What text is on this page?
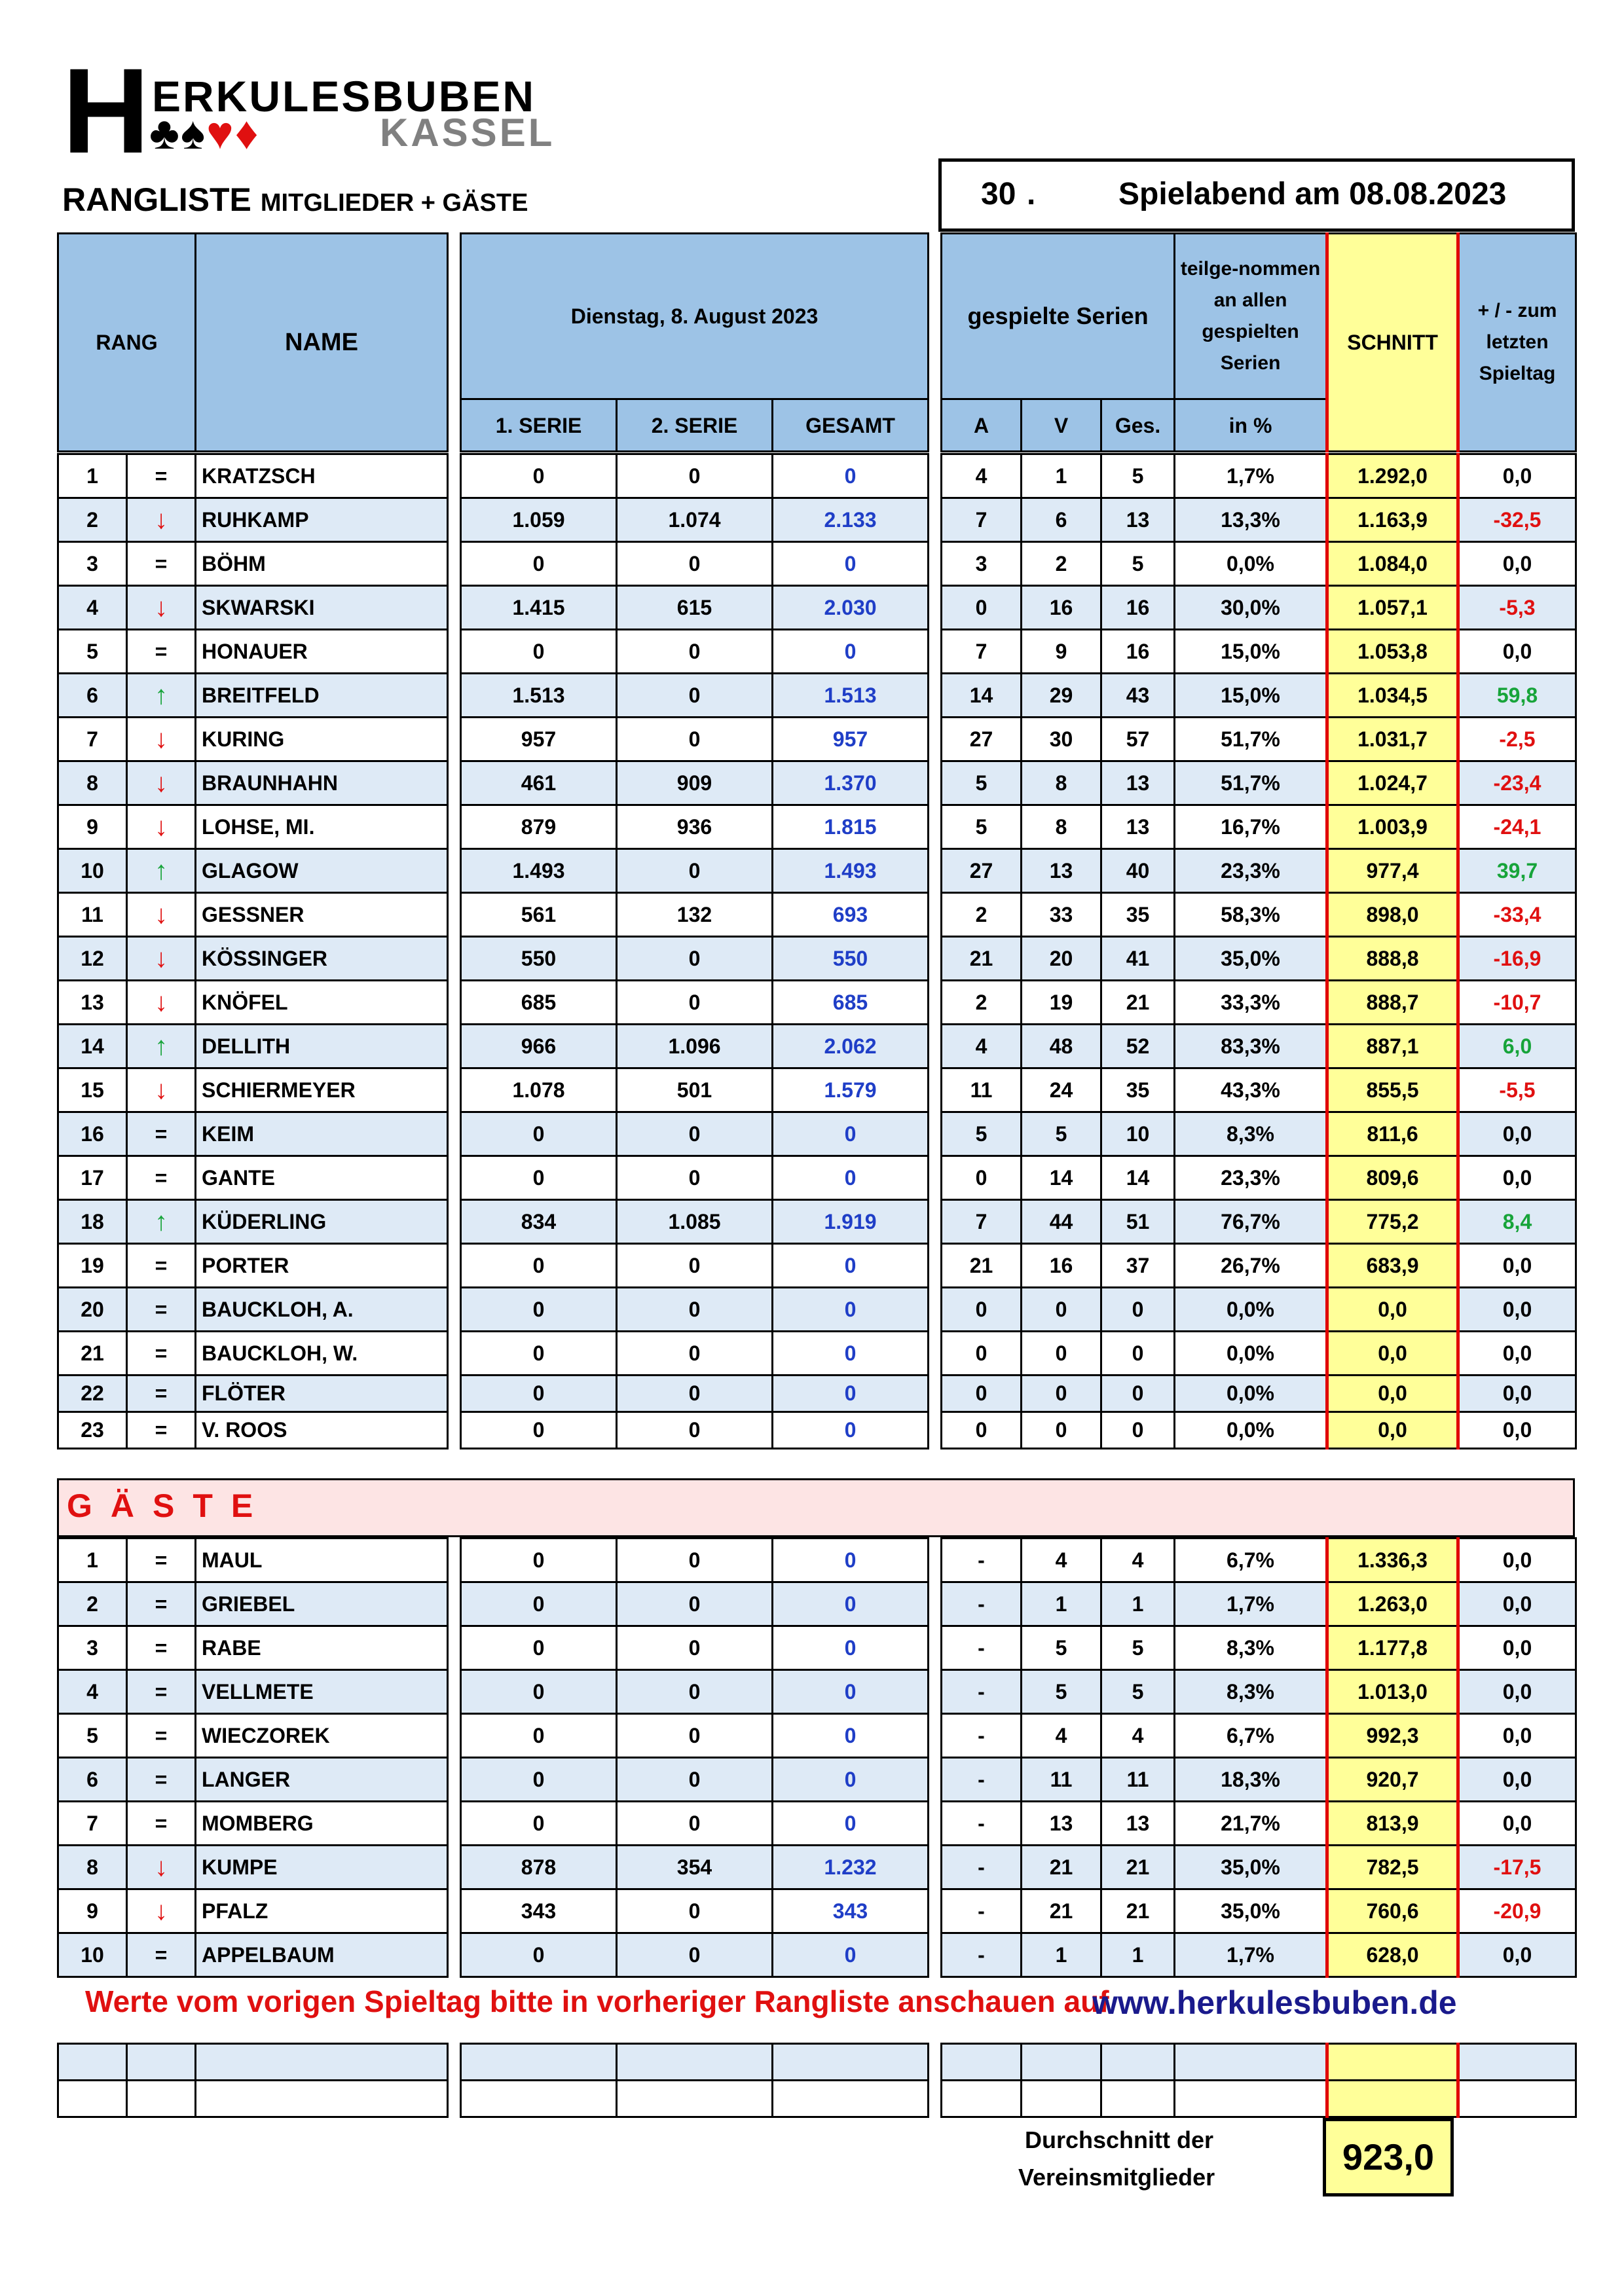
H ERKULESBUBEN
♣♠♥♦	KASSEL
RANGLISTE MITGLIEDER + GÄSTE	30 .	Spielabend am 08.08.2023
RANG	NAME		Dienstag, 8. August 2023				gespielte Serien			teilge-nommen an allen gespielten Serien	SCHNITT	+ / - zum letzten Spieltag
			1. SERIE	2. SERIE	GESAMT		A	V	Ges.	in %		
1	=	KRATZSCH		0	0	0		4	1	5	1,7%	1.292,0	0,0
2	↓	RUHKAMP		1.059	1.074	2.133		7	6	13	13,3%	1.163,9	-32,5
3	=	BÖHM		0	0	0		3	2	5	0,0%	1.084,0	0,0
4	↓	SKWARSKI		1.415	615	2.030		0	16	16	30,0%	1.057,1	-5,3
5	=	HONAUER		0	0	0		7	9	16	15,0%	1.053,8	0,0
6	↑	BREITFELD		1.513	0	1.513		14	29	43	15,0%	1.034,5	59,8
7	↓	KURING		957	0	957		27	30	57	51,7%	1.031,7	-2,5
8	↓	BRAUNHAHN		461	909	1.370		5	8	13	51,7%	1.024,7	-23,4
9	↓	LOHSE, MI.		879	936	1.815		5	8	13	16,7%	1.003,9	-24,1
10	↑	GLAGOW		1.493	0	1.493		27	13	40	23,3%	977,4	39,7
11	↓	GESSNER		561	132	693		2	33	35	58,3%	898,0	-33,4
12	↓	KÖSSINGER		550	0	550		21	20	41	35,0%	888,8	-16,9
13	↓	KNÖFEL		685	0	685		2	19	21	33,3%	888,7	-10,7
14	↑	DELLITH		966	1.096	2.062		4	48	52	83,3%	887,1	6,0
15	↓	SCHIERMEYER		1.078	501	1.579		11	24	35	43,3%	855,5	-5,5
16	=	KEIM		0	0	0		5	5	10	8,3%	811,6	0,0
17	=	GANTE		0	0	0		0	14	14	23,3%	809,6	0,0
18	↑	KÜDERLING		834	1.085	1.919		7	44	51	76,7%	775,2	8,4
19	=	PORTER		0	0	0		21	16	37	26,7%	683,9	0,0
20	=	BAUCKLOH, A.		0	0	0		0	0	0	0,0%	0,0	0,0
21	=	BAUCKLOH, W.		0	0	0		0	0	0	0,0%	0,0	0,0
22	=	FLÖTER		0	0	0		0	0	0	0,0%	0,0	0,0
23	=	V. ROOS		0	0	0		0	0	0	0,0%	0,0	0,0
GÄSTE
1	=	MAUL		0	0	0		-	4	4	6,7%	1.336,3	0,0
2	=	GRIEBEL		0	0	0		-	1	1	1,7%	1.263,0	0,0
3	=	RABE		0	0	0		-	5	5	8,3%	1.177,8	0,0
4	=	VELLMETE		0	0	0		-	5	5	8,3%	1.013,0	0,0
5	=	WIECZOREK		0	0	0		-	4	4	6,7%	992,3	0,0
6	=	LANGER		0	0	0		-	11	11	18,3%	920,7	0,0
7	=	MOMBERG		0	0	0		-	13	13	21,7%	813,9	0,0
8	↓	KUMPE		878	354	1.232		-	21	21	35,0%	782,5	-17,5
9	↓	PFALZ		343	0	343		-	21	21	35,0%	760,6	-20,9
10	=	APPELBAUM		0	0	0		-	1	1	1,7%	628,0	0,0
Werte vom vorigen Spieltag bitte in vorheriger Rangliste anschauen auf
www.herkulesbuben.de

Durchschnitt der
Vereinsmitglieder	923,0
